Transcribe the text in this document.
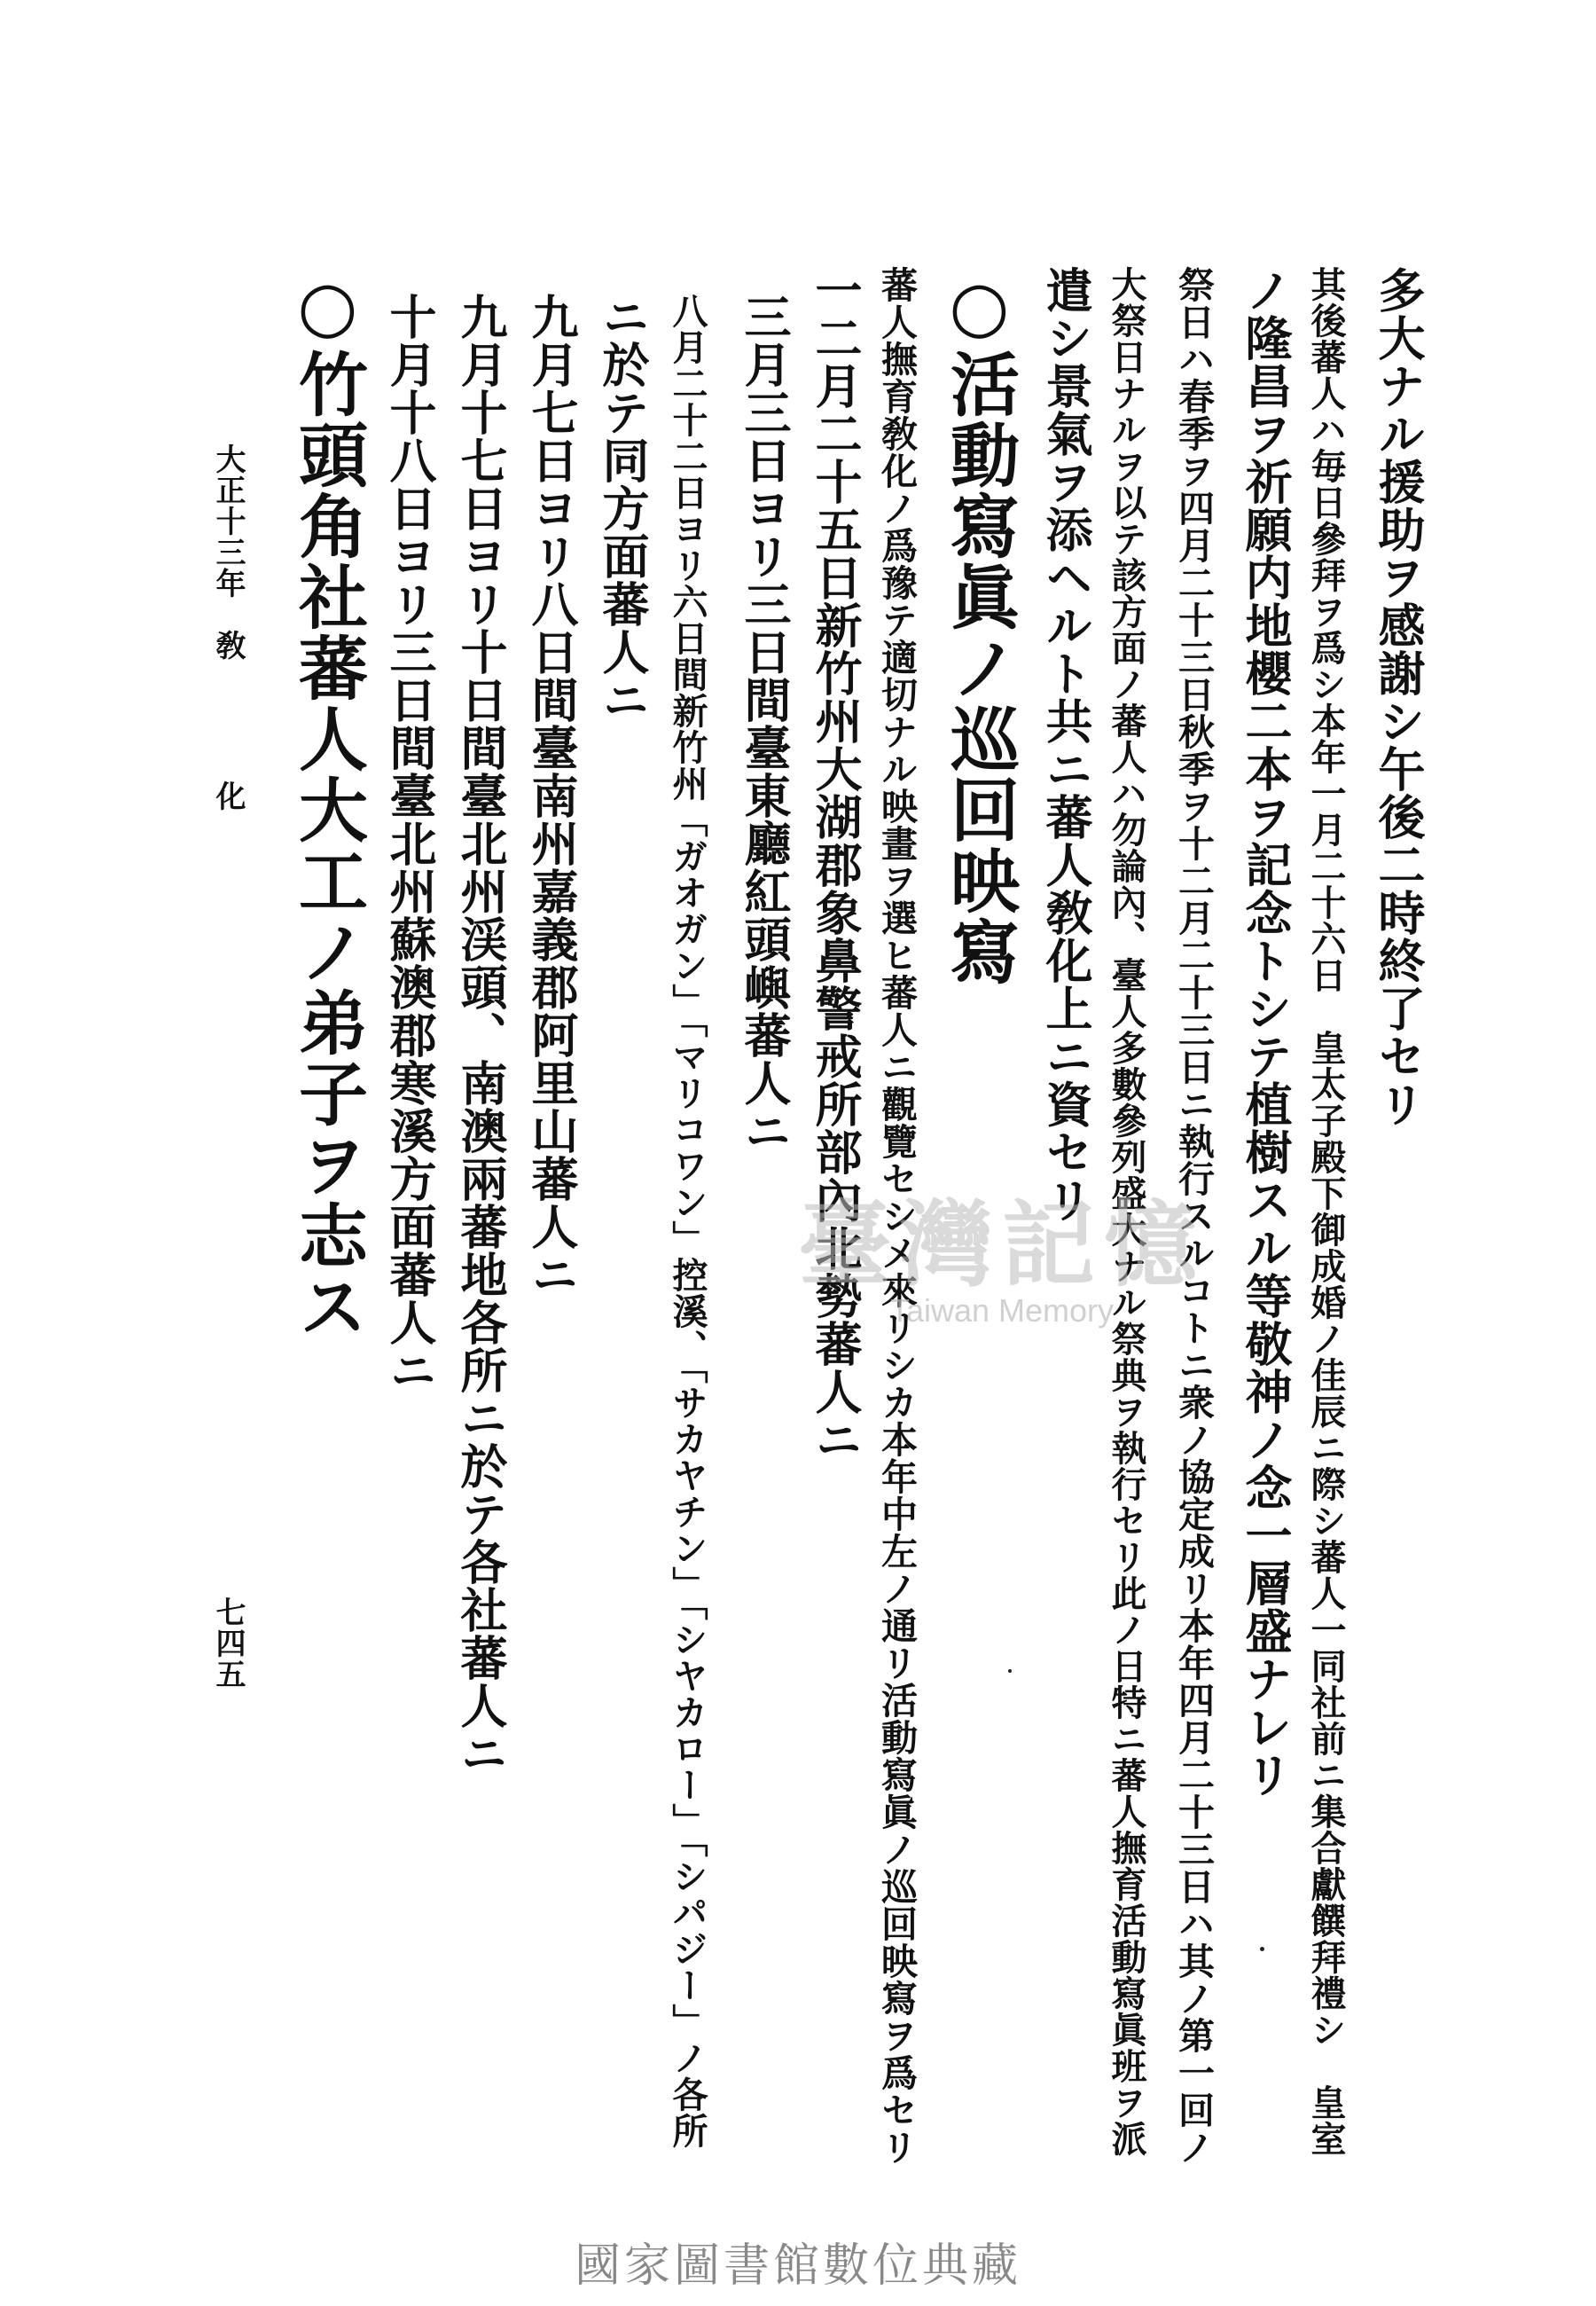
多大ナル援助ヲ感謝シ午後二時終了セリ
其後蕃人ハ毎日參拜ヲ爲シ本年一月二十六日　皇太子殿下御成婚ノ佳辰ニ際シ蕃人一同社前ニ集合獻饌拜禮シ　皇室
ノ隆昌ヲ祈願内地櫻二本ヲ記念トシテ植樹スル等敬神ノ念一層盛ナレリ
祭日ハ春季ヲ四月二十三日秋季ヲ十二月二十三日ニ執行スルコトニ衆ノ協定成リ本年四月二十三日ハ其ノ第一回ノ
大祭日ナルヲ以テ該方面ノ蕃人ハ勿論內、臺人多數參列盛大ナル祭典ヲ執行セリ此ノ日特ニ蕃人撫育活動寫眞班ヲ派
遣シ景氣ヲ添ヘルト共ニ蕃人敎化上ニ資セリ
○活動寫眞ノ巡回映寫
蕃人撫育敎化ノ爲豫テ適切ナル映畫ヲ選ヒ蕃人ニ觀覽セシメ來リシカ本年中左ノ通リ活動寫眞ノ巡回映寫ヲ爲セリ
一二月二十五日新竹州大湖郡象鼻警戒所部內北勢蕃人ニ
三月三日ヨリ三日間臺東廳紅頭嶼蕃人ニ
八月二十二日ヨリ六日間新竹州「ガオガン」「マリコワン」控溪、「サカヤチン」「シヤカロー」「シパジー」ノ各所
ニ於テ同方面蕃人ニ
九月七日ヨリ八日間臺南州嘉義郡阿里山蕃人ニ
九月十七日ヨリ十日間臺北州渓頭、南澳兩蕃地各所ニ於テ各社蕃人ニ
十月十八日ヨリ三日間臺北州蘇澳郡寒溪方面蕃人ニ
○竹頭角社蕃人大工ノ弟子ヲ志ス
大正十三年　敎
化
七四五
臺灣記憶
Taiwan Memory
國家圖書館數位典藏
